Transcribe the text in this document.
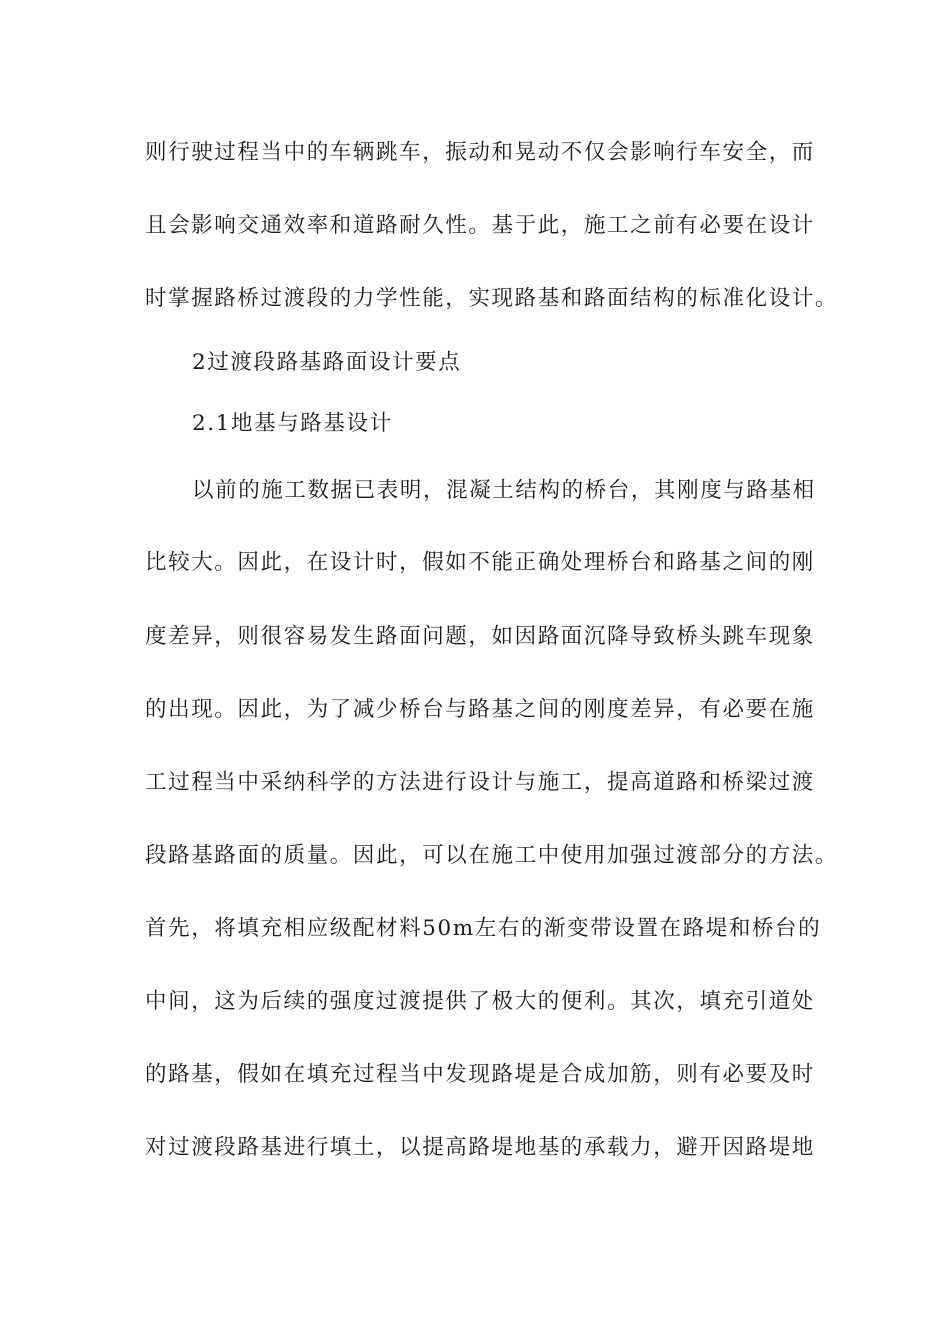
则行驶过程当中的车辆跳车，振动和晃动不仅会影响行车安全，而
且会影响交通效率和道路耐久性。基于此，施工之前有必要在设计
时掌握路桥过渡段的力学性能，实现路基和路面结构的标准化设计。
2过渡段路基路面设计要点
2.1地基与路基设计
以前的施工数据已表明，混凝土结构的桥台，其刚度与路基相
比较大。因此，在设计时，假如不能正确处理桥台和路基之间的刚
度差异，则很容易发生路面问题，如因路面沉降导致桥头跳车现象
的出现。因此，为了减少桥台与路基之间的刚度差异，有必要在施
工过程当中采纳科学的方法进行设计与施工，提高道路和桥梁过渡
段路基路面的质量。因此，可以在施工中使用加强过渡部分的方法。
首先，将填充相应级配材料50m左右的渐变带设置在路堤和桥台的
中间，这为后续的强度过渡提供了极大的便利。其次，填充引道处
的路基，假如在填充过程当中发现路堤是合成加筋，则有必要及时
对过渡段路基进行填土，以提高路堤地基的承载力，避开因路堤地
